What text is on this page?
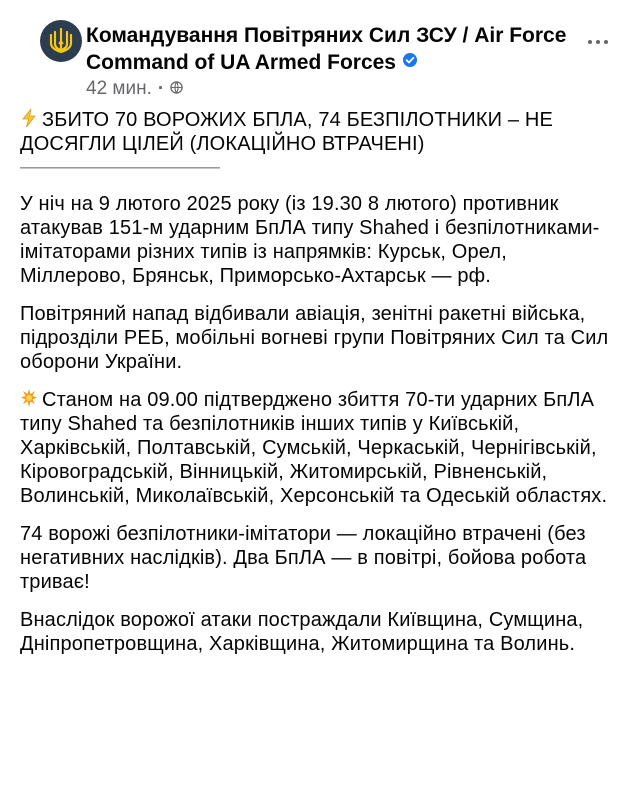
Командування Повітряних Сил ЗСУ / Air Force
Command of UA Armed Forces
42 мин. ·

ЗБИТО 70 ВОРОЖИХ БПЛА, 74 БЕЗПІЛОТНИКИ – НЕ ДОСЯГЛИ ЦІЛЕЙ (ЛОКАЦІЙНО ВТРАЧЕНІ)

——————————

У ніч на 9 лютого 2025 року (із 19.30 8 лютого) противник атакував 151-м ударним БпЛА типу Shahed і безпілотниками-імітаторами різних типів із напрямків: Курськ, Орел, Міллерово, Брянськ, Приморсько-Ахтарськ — рф.

Повітряний напад відбивали авіація, зенітні ракетні війська, підрозділи РЕБ, мобільні вогневі групи Повітряних Сил та Сил оборони України.

Станом на 09.00 підтверджено збиття 70-ти ударних БпЛА типу Shahed та безпілотників інших типів у Київській, Харківській, Полтавській, Сумській, Черкаській, Чернігівській, Кіровоградській, Вінницькій, Житомирській, Рівненській, Волинській, Миколаївській, Херсонській та Одеській областях.

74 ворожі безпілотники-імітатори — локаційно втрачені (без негативних наслідків). Два БпЛА — в повітрі, бойова робота триває!

Внаслідок ворожої атаки постраждали Київщина, Сумщина, Дніпропетровщина, Харківщина, Житомирщина та Волинь.
